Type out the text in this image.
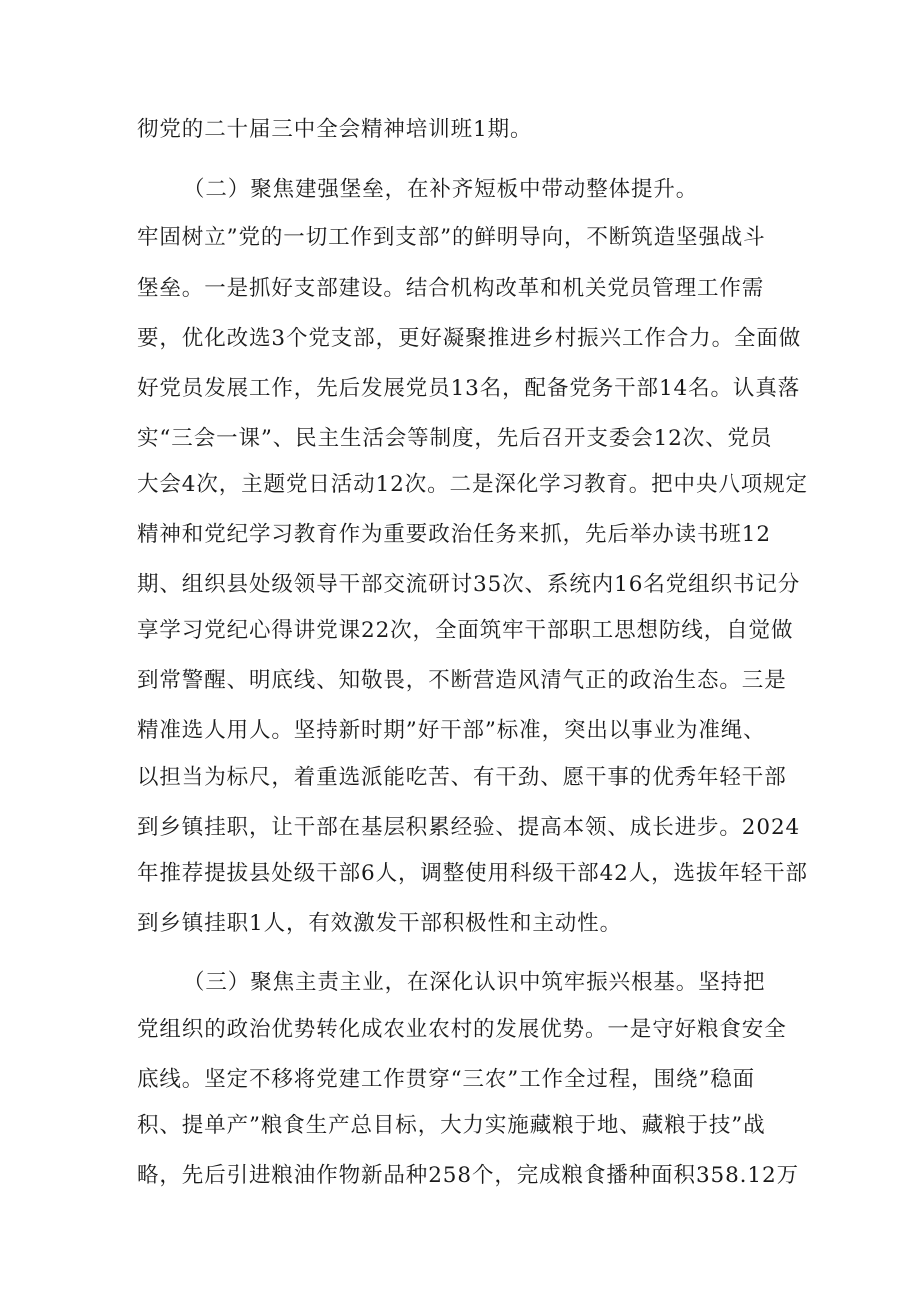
彻党的二十届三中全会精神培训班1期。
（二）聚焦建强堡垒，在补齐短板中带动整体提升。
牢固树立”党的一切工作到支部”的鲜明导向，不断筑造坚强战斗
堡垒。一是抓好支部建设。结合机构改革和机关党员管理工作需
要，优化改选3个党支部，更好凝聚推进乡村振兴工作合力。全面做
好党员发展工作，先后发展党员13名，配备党务干部14名。认真落
实“三会一课”、民主生活会等制度，先后召开支委会12次、党员
大会4次，主题党日活动12次。二是深化学习教育。把中央八项规定
精神和党纪学习教育作为重要政治任务来抓，先后举办读书班12
期、组织县处级领导干部交流研讨35次、系统内16名党组织书记分
享学习党纪心得讲党课22次，全面筑牢干部职工思想防线，自觉做
到常警醒、明底线、知敬畏，不断营造风清气正的政治生态。三是
精准选人用人。坚持新时期”好干部”标准，突出以事业为准绳、
以担当为标尺，着重选派能吃苦、有干劲、愿干事的优秀年轻干部
到乡镇挂职，让干部在基层积累经验、提高本领、成长进步。2024
年推荐提拔县处级干部6人，调整使用科级干部42人，选拔年轻干部
到乡镇挂职1人，有效激发干部积极性和主动性。
（三）聚焦主责主业，在深化认识中筑牢振兴根基。坚持把
党组织的政治优势转化成农业农村的发展优势。一是守好粮食安全
底线。坚定不移将党建工作贯穿“三农”工作全过程，围绕”稳面
积、提单产”粮食生产总目标，大力实施藏粮于地、藏粮于技”战
略，先后引进粮油作物新品种258个，完成粮食播种面积358.12万
